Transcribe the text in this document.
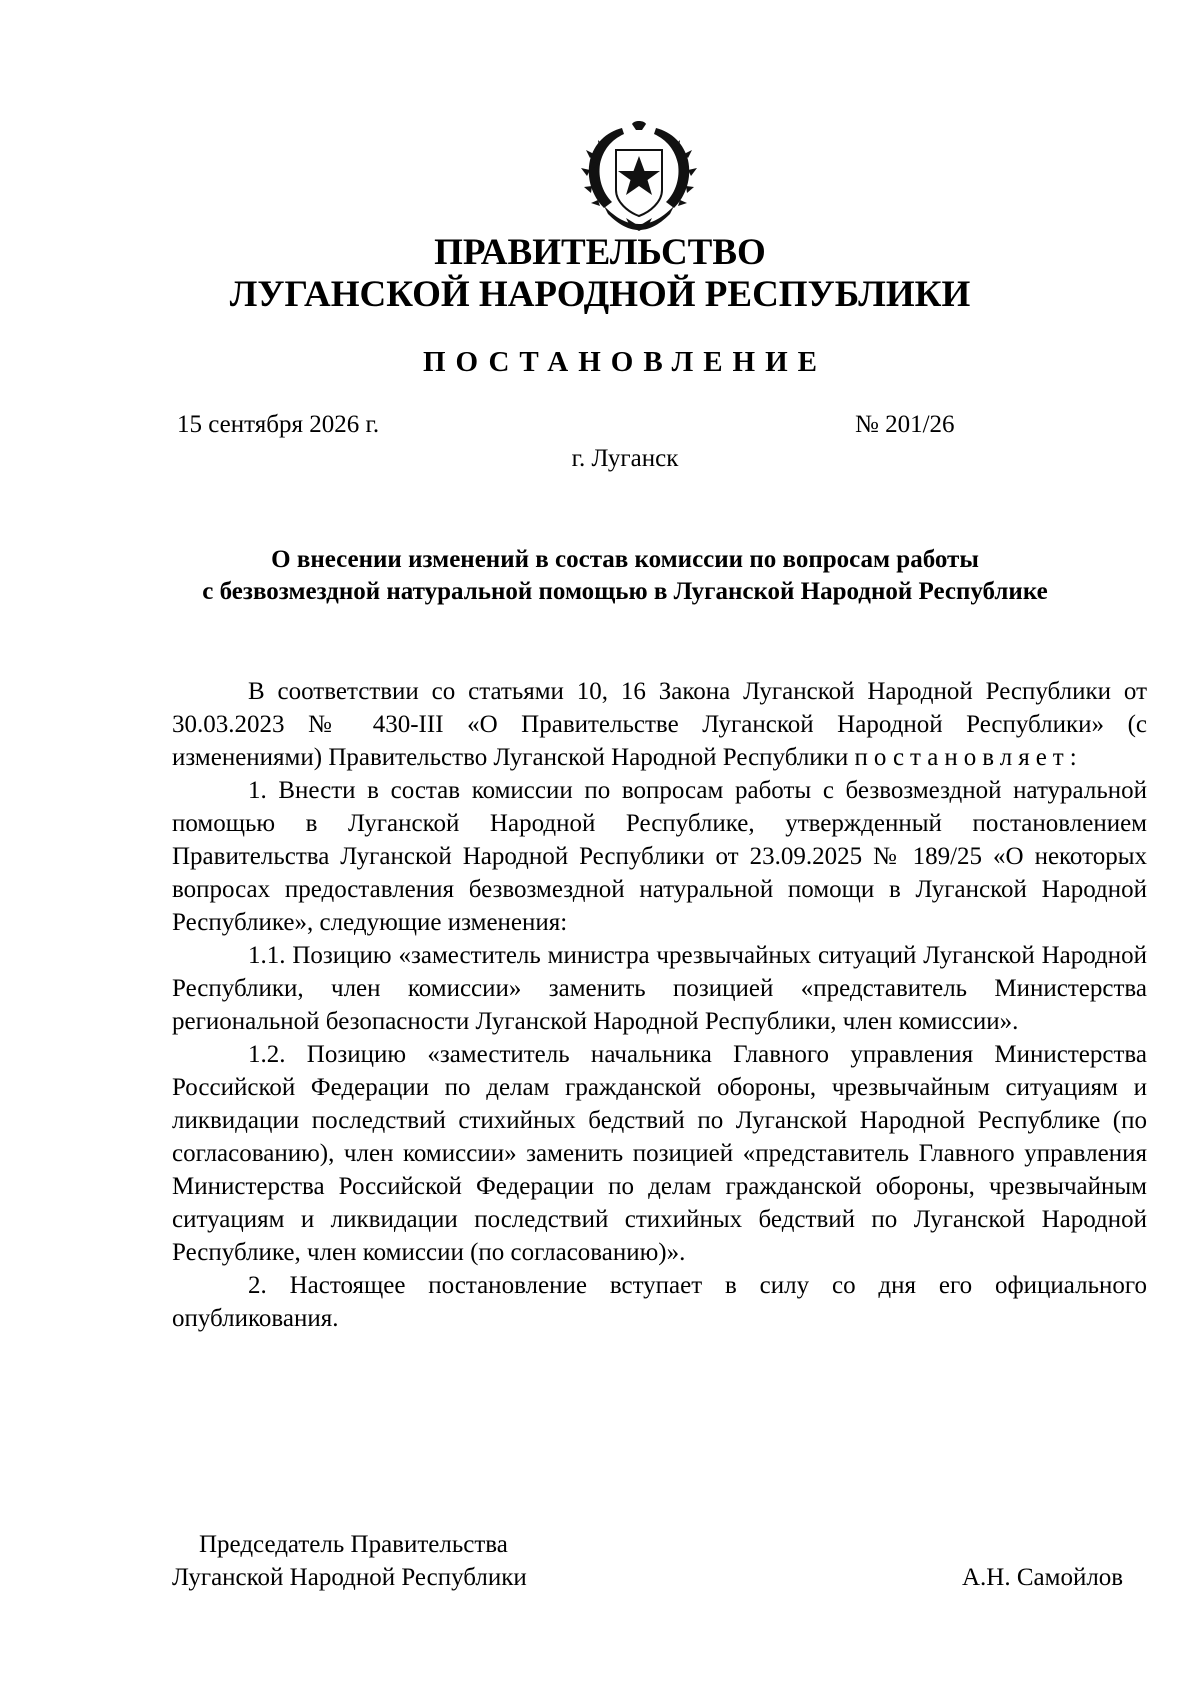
ПРАВИТЕЛЬСТВО
ЛУГАНСКОЙ НАРОДНОЙ РЕСПУБЛИКИ
ПОСТАНОВЛЕНИЕ
15 сентября 2026 г.	№ 201/26
г. Луганск
О внесении изменений в состав комиссии по вопросам работы
с безвозмездной натуральной помощью в Луганской Народной Республике

В соответствии со статьями 10, 16 Закона Луганской Народной Республики от 30.03.2023 № 430-III «О Правительстве Луганской Народной Республики» (с изменениями) Правительство Луганской Народной Республики постановляет:

1. Внести в состав комиссии по вопросам работы с безвозмездной натуральной помощью в Луганской Народной Республике, утвержденный постановлением Правительства Луганской Народной Республики от 23.09.2025 № 189/25 «О некоторых вопросах предоставления безвозмездной натуральной помощи в Луганской Народной Республике», следующие изменения:

1.1. Позицию «заместитель министра чрезвычайных ситуаций Луганской Народной Республики, член комиссии» заменить позицией «представитель Министерства региональной безопасности Луганской Народной Республики, член комиссии».

1.2. Позицию «заместитель начальника Главного управления Министерства Российской Федерации по делам гражданской обороны, чрезвычайным ситуациям и ликвидации последствий стихийных бедствий по Луганской Народной Республике (по согласованию), член комиссии» заменить позицией «представитель Главного управления Министерства Российской Федерации по делам гражданской обороны, чрезвычайным ситуациям и ликвидации последствий стихийных бедствий по Луганской Народной Республике, член комиссии (по согласованию)».

2. Настоящее постановление вступает в силу со дня его официального опубликования.

Председатель Правительства
Луганской Народной Республики	А.Н. Самойлов
